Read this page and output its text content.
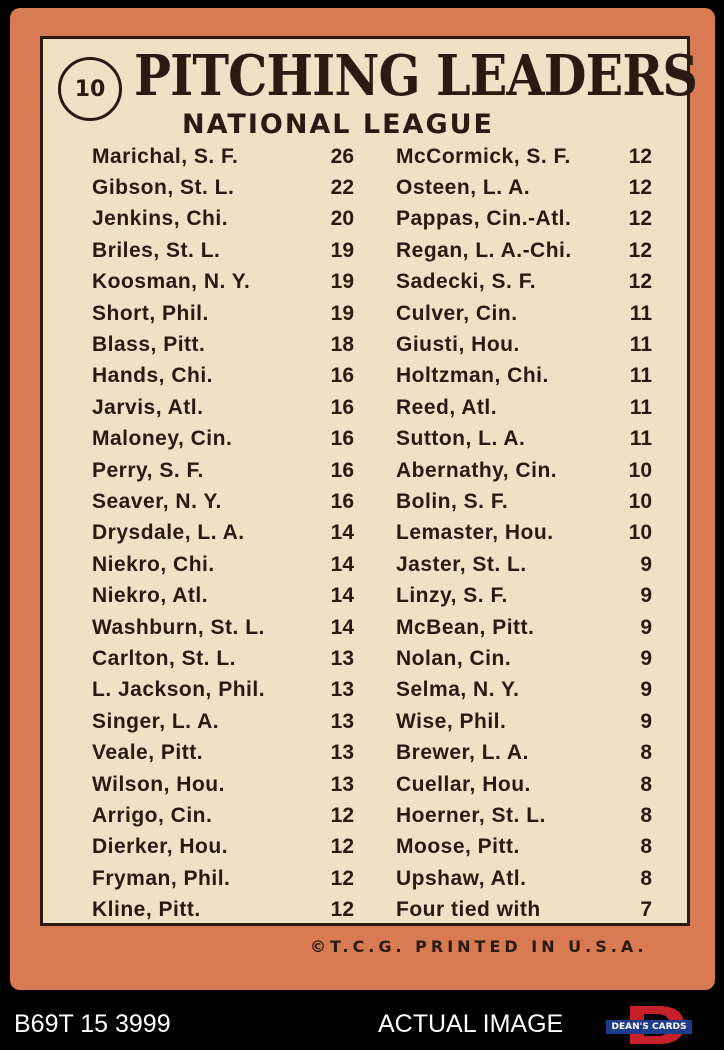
10 PITCHING LEADERS
NATIONAL LEAGUE
Marichal, S. F.	26
Gibson, St. L.	22
Jenkins, Chi.	20
Briles, St. L.	19
Koosman, N. Y.	19
Short, Phil.	19
Blass, Pitt.	18
Hands, Chi.	16
Jarvis, Atl.	16
Maloney, Cin.	16
Perry, S. F.	16
Seaver, N. Y.	16
Drysdale, L. A.	14
Niekro, Chi.	14
Niekro, Atl.	14
Washburn, St. L.	14
Carlton, St. L.	13
L. Jackson, Phil.	13
Singer, L. A.	13
Veale, Pitt.	13
Wilson, Hou.	13
Arrigo, Cin.	12
Dierker, Hou.	12
Fryman, Phil.	12
Kline, Pitt.	12
McCormick, S. F.	12
Osteen, L. A.	12
Pappas, Cin.-Atl.	12
Regan, L. A.-Chi.	12
Sadecki, S. F.	12
Culver, Cin.	11
Giusti, Hou.	11
Holtzman, Chi.	11
Reed, Atl.	11
Sutton, L. A.	11
Abernathy, Cin.	10
Bolin, S. F.	10
Lemaster, Hou.	10
Jaster, St. L.	9
Linzy, S. F.	9
McBean, Pitt.	9
Nolan, Cin.	9
Selma, N. Y.	9
Wise, Phil.	9
Brewer, L. A.	8
Cuellar, Hou.	8
Hoerner, St. L.	8
Moose, Pitt.	8
Upshaw, Atl.	8
Four tied with	7
©T.C.G. PRINTED IN U.S.A.
B69T 15 3999	ACTUAL IMAGE	DEAN'S CARDS
